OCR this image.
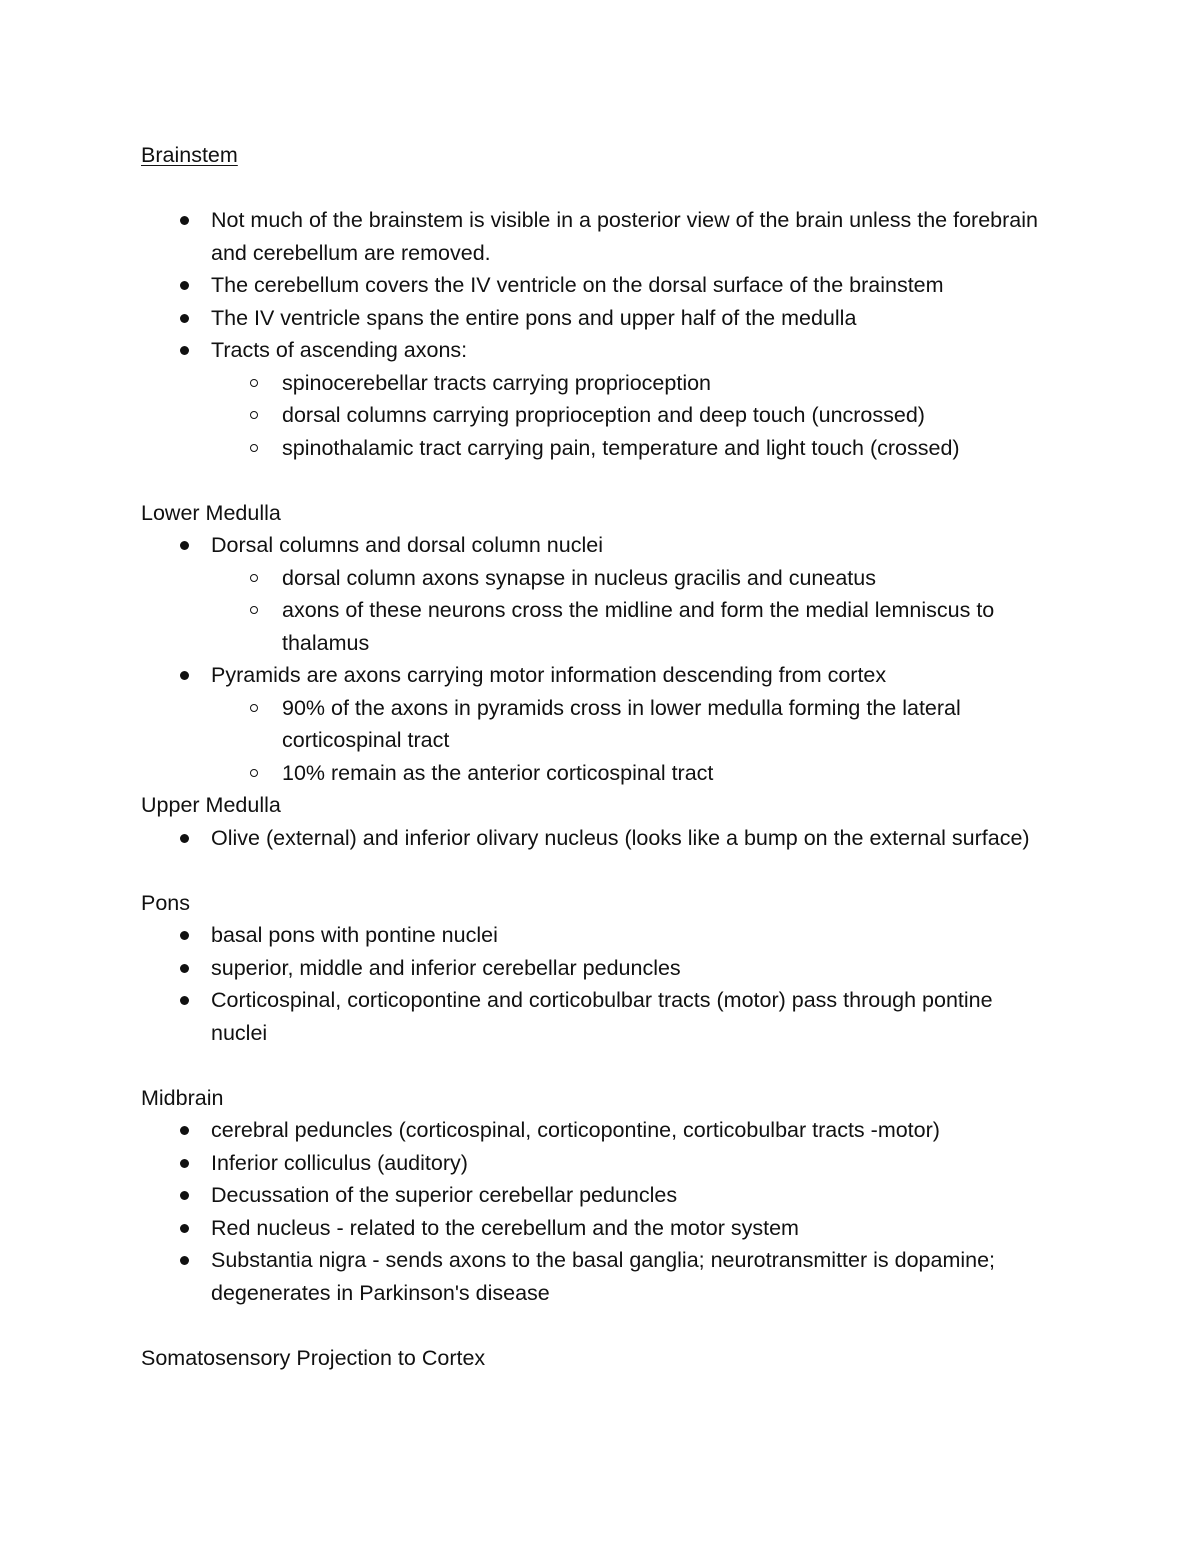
Brainstem

Not much of the brainstem is visible in a posterior view of the brain unless the forebrain and cerebellum are removed.
The cerebellum covers the IV ventricle on the dorsal surface of the brainstem
The IV ventricle spans the entire pons and upper half of the medulla
Tracts of ascending axons:
spinocerebellar tracts carrying proprioception
dorsal columns carrying proprioception and deep touch (uncrossed)
spinothalamic tract carrying pain, temperature and light touch (crossed)

Lower Medulla

Dorsal columns and dorsal column nuclei
dorsal column axons synapse in nucleus gracilis and cuneatus
axons of these neurons cross the midline and form the medial lemniscus to thalamus
Pyramids are axons carrying motor information descending from cortex
90% of the axons in pyramids cross in lower medulla forming the lateral corticospinal tract
10% remain as the anterior corticospinal tract

Upper Medulla

Olive (external) and inferior olivary nucleus (looks like a bump on the external surface)

Pons

basal pons with pontine nuclei
superior, middle and inferior cerebellar peduncles
Corticospinal, corticopontine and corticobulbar tracts (motor) pass through pontine nuclei

Midbrain

cerebral peduncles (corticospinal, corticopontine, corticobulbar tracts -motor)
Inferior colliculus (auditory)
Decussation of the superior cerebellar peduncles
Red nucleus - related to the cerebellum and the motor system
Substantia nigra - sends axons to the basal ganglia; neurotransmitter is dopamine; degenerates in Parkinson's disease

Somatosensory Projection to Cortex
